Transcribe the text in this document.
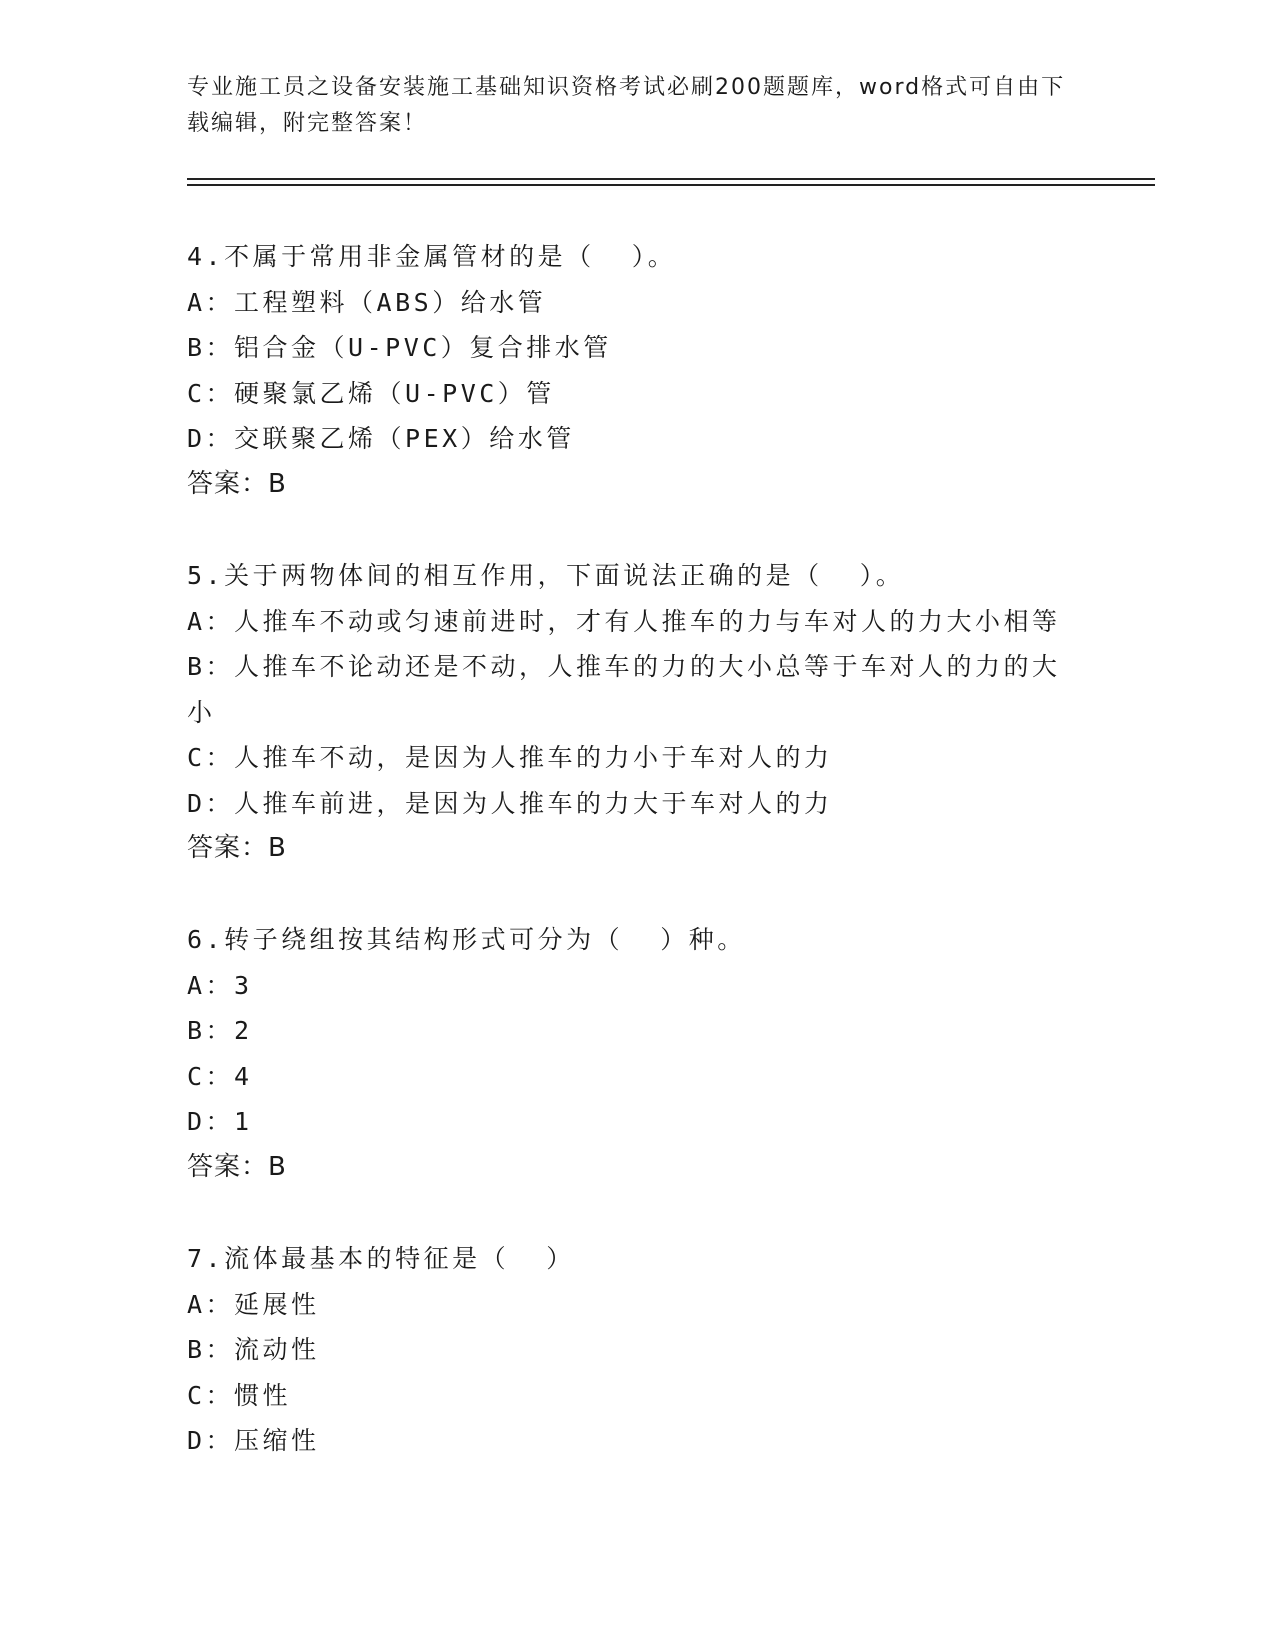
专业施工员之设备安装施工基础知识资格考试必刷200题题库，word格式可自由下载编辑，附完整答案！
4.不属于常用非金属管材的是（  ）。
A：工程塑料（ABS）给水管
B：铝合金（U-PVC）复合排水管
C：硬聚氯乙烯（U-PVC）管
D：交联聚乙烯（PEX）给水管
答案：B
5.关于两物体间的相互作用，下面说法正确的是（  ）。
A：人推车不动或匀速前进时，才有人推车的力与车对人的力大小相等
B：人推车不论动还是不动，人推车的力的大小总等于车对人的力的大小
C：人推车不动，是因为人推车的力小于车对人的力
D：人推车前进，是因为人推车的力大于车对人的力
答案：B
6.转子绕组按其结构形式可分为（  ）种。
A：3
B：2
C：4
D：1
答案：B
7.流体最基本的特征是（  ）
A：延展性
B：流动性
C：惯性
D：压缩性
